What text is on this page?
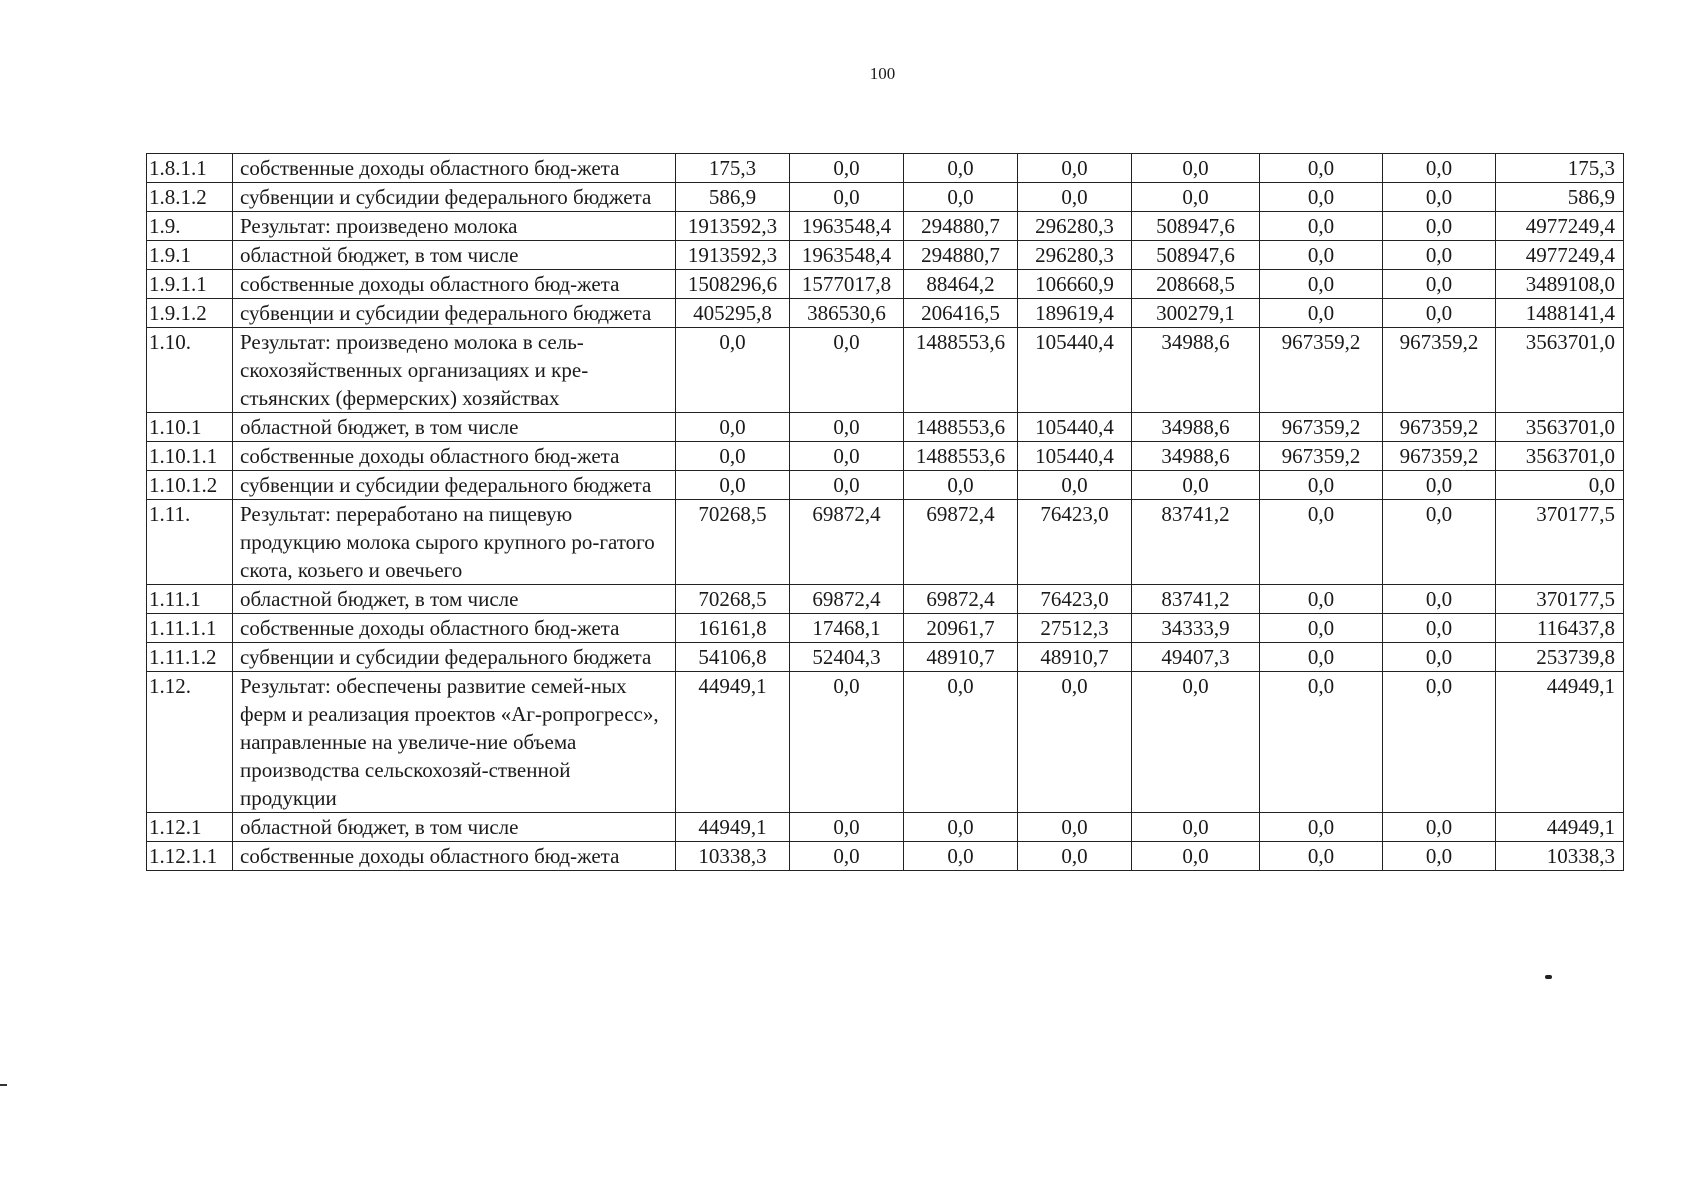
100
1.8.1.1	собственные доходы областного бюд-жета	175,3	0,0	0,0	0,0	0,0	0,0	0,0	175,3
1.8.1.2	субвенции и субсидии федерального бюджета	586,9	0,0	0,0	0,0	0,0	0,0	0,0	586,9
1.9.	Результат: произведено молока	1913592,3	1963548,4	294880,7	296280,3	508947,6	0,0	0,0	4977249,4
1.9.1	областной бюджет, в том числе	1913592,3	1963548,4	294880,7	296280,3	508947,6	0,0	0,0	4977249,4
1.9.1.1	собственные доходы областного бюд-жета	1508296,6	1577017,8	88464,2	106660,9	208668,5	0,0	0,0	3489108,0
1.9.1.2	субвенции и субсидии федерального бюджета	405295,8	386530,6	206416,5	189619,4	300279,1	0,0	0,0	1488141,4
1.10.	Результат: произведено молока в сель-скохозяйственных организациях и кре-стьянских (фермерских) хозяйствах	0,0	0,0	1488553,6	105440,4	34988,6	967359,2	967359,2	3563701,0
1.10.1	областной бюджет, в том числе	0,0	0,0	1488553,6	105440,4	34988,6	967359,2	967359,2	3563701,0
1.10.1.1	собственные доходы областного бюд-жета	0,0	0,0	1488553,6	105440,4	34988,6	967359,2	967359,2	3563701,0
1.10.1.2	субвенции и субсидии федерального бюджета	0,0	0,0	0,0	0,0	0,0	0,0	0,0	0,0
1.11.	Результат: переработано на пищевую продукцию молока сырого крупного ро-гатого скота, козьего и овечьего	70268,5	69872,4	69872,4	76423,0	83741,2	0,0	0,0	370177,5
1.11.1	областной бюджет, в том числе	70268,5	69872,4	69872,4	76423,0	83741,2	0,0	0,0	370177,5
1.11.1.1	собственные доходы областного бюд-жета	16161,8	17468,1	20961,7	27512,3	34333,9	0,0	0,0	116437,8
1.11.1.2	субвенции и субсидии федерального бюджета	54106,8	52404,3	48910,7	48910,7	49407,3	0,0	0,0	253739,8
1.12.	Результат: обеспечены развитие семей-ных ферм и реализация проектов «Аг-ропрогресс», направленные на увеличе-ние объема производства сельскохозяй-ственной продукции	44949,1	0,0	0,0	0,0	0,0	0,0	0,0	44949,1
1.12.1	областной бюджет, в том числе	44949,1	0,0	0,0	0,0	0,0	0,0	0,0	44949,1
1.12.1.1	собственные доходы областного бюд-жета	10338,3	0,0	0,0	0,0	0,0	0,0	0,0	10338,3
